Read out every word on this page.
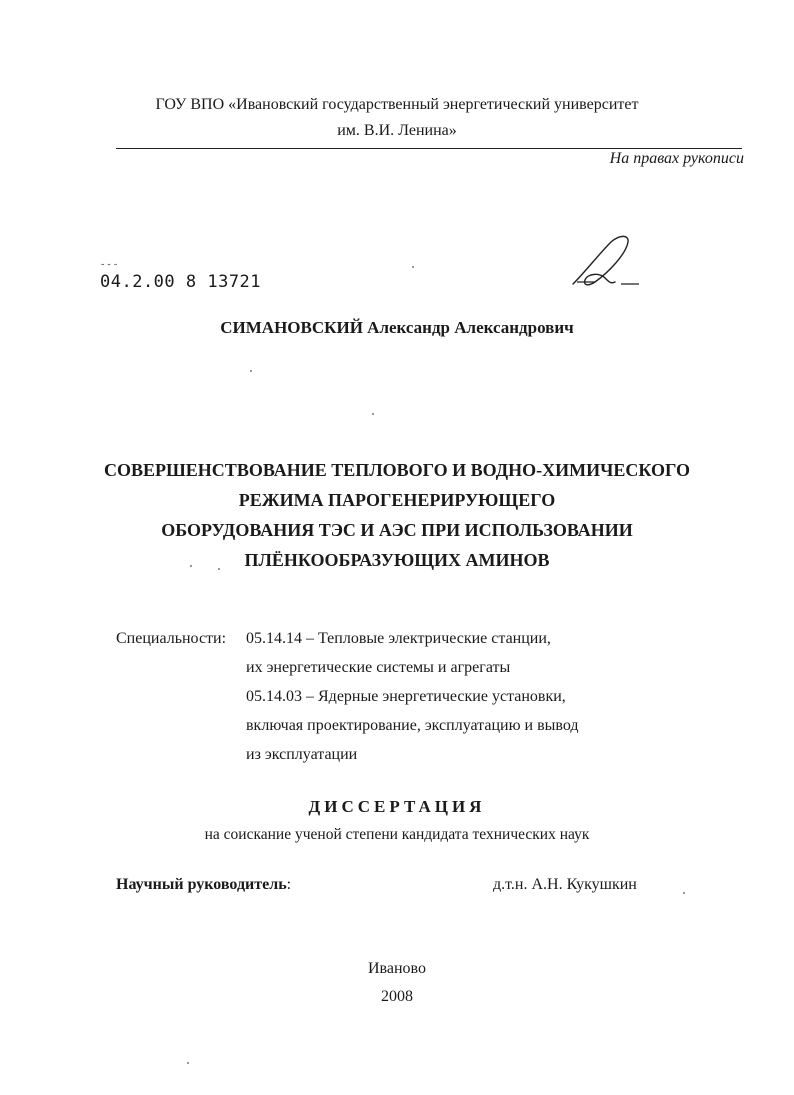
ГОУ ВПО «Ивановский государственный энергетический университет
им. В.И. Ленина»
На правах рукописи
˘˘˘
04.2.00 8 13721
СИМАНОВСКИЙ Александр Александрович
СОВЕРШЕНСТВОВАНИЕ ТЕПЛОВОГО И ВОДНО-ХИМИЧЕСКОГО
РЕЖИМА ПАРОГЕНЕРИРУЮЩЕГО
ОБОРУДОВАНИЯ ТЭС И АЭС ПРИ ИСПОЛЬЗОВАНИИ
ПЛЁНКООБРАЗУЮЩИХ АМИНОВ
Специальности: 05.14.14 – Тепловые электрические станции,
их энергетические системы и агрегаты
05.14.03 – Ядерные энергетические установки,
включая проектирование, эксплуатацию и вывод
из эксплуатации
ДИССЕРТАЦИЯ
на соискание ученой степени кандидата технических наук
Научный руководитель:	д.т.н. А.Н. Кукушкин
Иваново
2008
